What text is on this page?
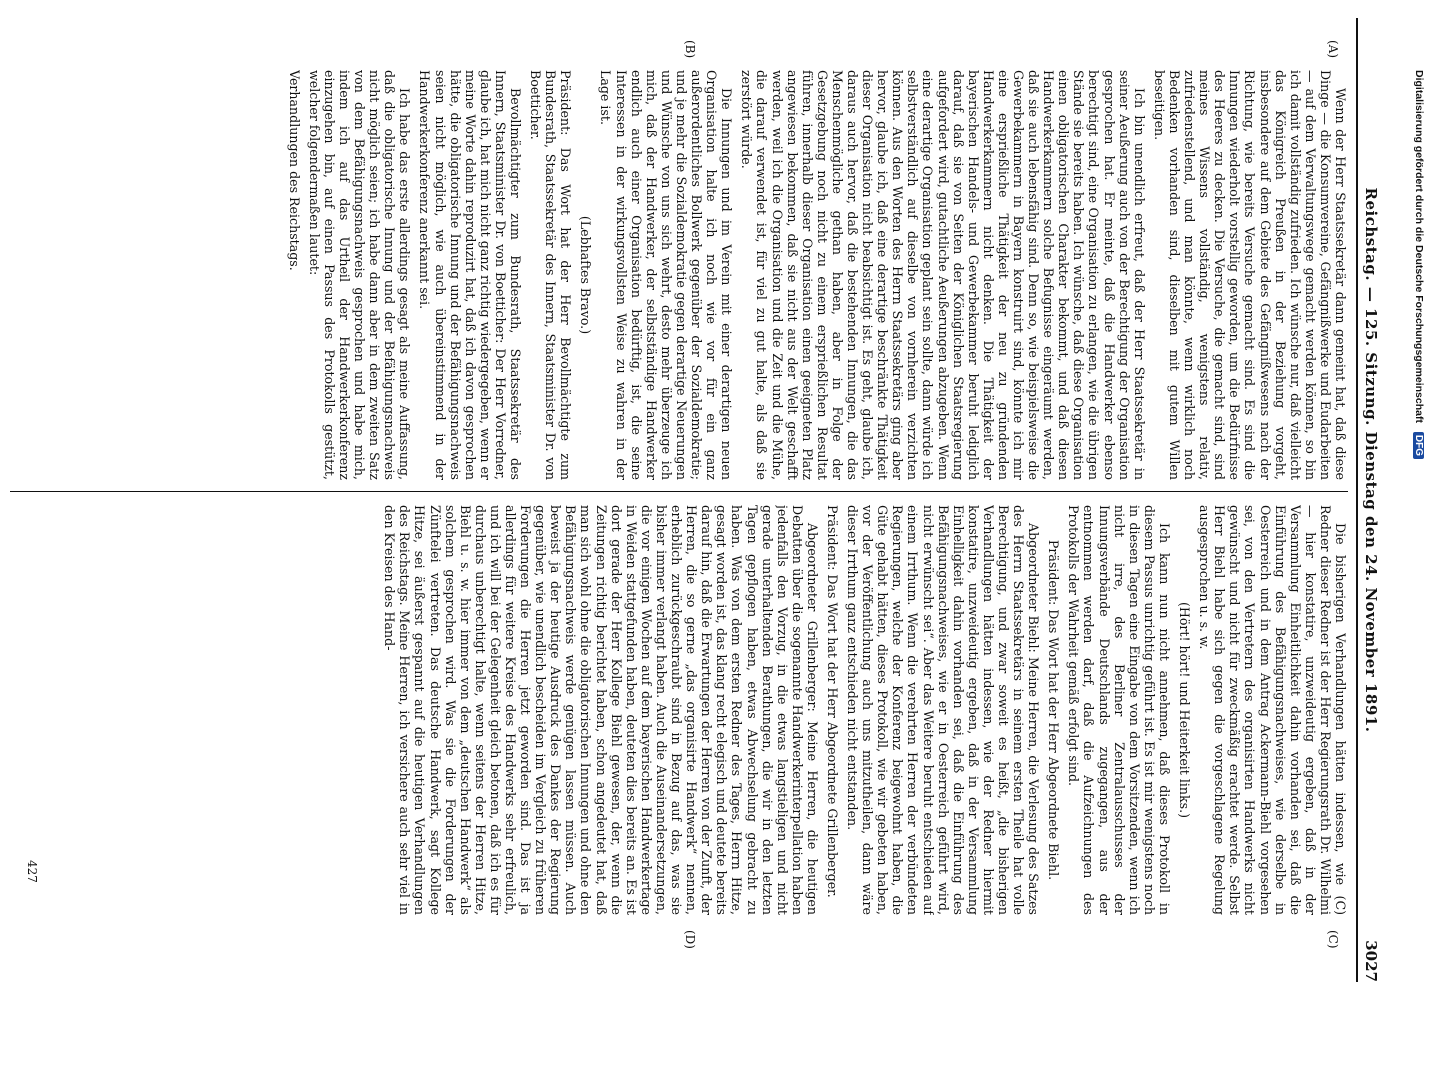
Reichstag. — 125. Sitzung. Dienstag den 24. November 1891.
3027
(A)
(B)
(C)
(D)

Wenn der Herr Staatssekretär dann gemeint hat, daß diese Dinge — die Konsumvereine, Gefängnißwerke und Eudarbeiten — auf dem Verwaltungswege gemacht werden können, so bin ich damit vollständig zufrieden. Ich wünsche nur, daß vielleicht das Königreich Preußen in der Beziehung vorgeht, insbesondere auf dem Gebiete des Gefängnißwesens nach der Richtung, wie bereits Versuche gemacht sind. Es sind die Innungen wiederholt vorstellig geworden, um die Bedürfnisse des Heeres zu decken. Die Versuche, die gemacht sind, sind meines Wissens vollständig, wenigstens relativ, zufriedenstellend, und man könnte, wenn wirklich noch Bedenken vorhanden sind, dieselben mit gutem Willen beseitigen.

Ich bin unendlich erfreut, daß der Herr Staatssekretär in seiner Aeußerung auch von der Berechtigung der Organisation gesprochen hat. Er meinte, daß die Handwerker ebenso berechtigt sind, eine Organisation zu erlangen, wie die übrigen Stände sie bereits haben. Ich wünsche, daß diese Organisation einen obligatorischen Charakter bekommt, und daß diesen Handwerkerkammern solche Befugnisse eingeräumt werden, daß sie auch lebensfähig sind. Denn so, wie beispielsweise die Gewerbekammern in Bayern konstruirt sind, könnte ich mir eine ersprießliche Thätigkeit der neu zu gründenden Handwerkerkammern nicht denken. Die Thätigkeit der bayerischen Handels- und Gewerbekammer beruht lediglich darauf, daß sie von Seiten der Königlichen Staatsregierung aufgefordert wird, gutachtliche Aeußerungen abzugeben. Wenn eine derartige Organisation geplant sein sollte, dann würde ich selbstverständlich auf dieselbe von vornherein verzichten können. Aus den Worten des Herrn Staatssekretärs ging aber hervor, glaube ich, daß eine derartige beschränkte Thätigkeit dieser Organisation nicht beabsichtigt ist. Es geht, glaube ich, daraus auch hervor, daß die bestehenden Innungen, die das Menschenmögliche gethan haben, aber in Folge der Gesetzgebung noch nicht zu einem ersprießlichen Resultat führen, innerhalb dieser Organisation einen geeigneten Platz angewiesen bekommen, daß sie nicht aus der Welt geschafft werden, weil ich die Organisation und die Zeit und die Mühe, die darauf verwendet ist, für viel zu gut halte, als daß sie zerstört würde.

Die Innungen und im Verein mit einer derartigen neuen Organisation halte ich noch wie vor für ein ganz außerordentliches Bollwerk gegenüber der Sozialdemokratie; und je mehr die Sozialdemokratie gegen derartige Neuerungen und Wünsche von uns sich wehrt, desto mehr überzeuge ich mich, daß der Handwerker, der selbstständige Handwerker endlich auch einer Organisation bedürftig, ist, die seine Interessen in der wirkungsvollsten Weise zu wahren in der Lage ist.

(Lebhaftes Bravo.)

Präsident: Das Wort hat der Herr Bevollmächtigte zum Bundesrath, Staatssekretär des Innern, Staatsminister Dr. von Boetticher.

Bevollmächtigter zum Bundesrath, Staatssekretär des Innern, Staatsminister Dr. von Boetticher: Der Herr Vorredner, glaube ich, hat mich nicht ganz richtig wiedergegeben, wenn er meine Worte dahin reproduzirt hat, daß ich davon gesprochen hätte, die obligatorische Innung und der Befähigungsnachweis seien nicht möglich, wie auch übereinstimmend in der Handwerkerkonferenz anerkannt sei.

Ich habe das erste allerdings gesagt als meine Auffassung, daß die obligatorische Innung und der Befähigungsnachweis nicht möglich seien; ich habe dann aber in dem zweiten Satz von dem Befähigungsnachweis gesprochen und habe mich, indem ich auf das Urtheil der Handwerkerkonferenz einzugehen bin, auf einen Passus des Protokolls gestützt, welcher folgendermaßen lautet:

Verhandlungen des Reichstags.

Die bisherigen Verhandlungen hätten indessen, wie (C) Redner dieser Redner ist der Herr Regierungsrath Dr. Wilhelmi — hier konstatire, unzweideutig ergeben, daß in der Versammlung Einheitlichkeit dahin vorhanden sei, daß die Einführung des Befähigungsnachweises, wie derselbe in Oesterreich und in dem Antrag Ackermann-Biehl vorgesehen sei, von den Vertretern des organisirten Handwerks nicht gewünscht und nicht für zweckmäßig erachtet werde. Selbst Herr Biehl habe sich gegen die vorgeschlagene Regelung ausgesprochen u. s. w.

(Hört! hört! und Heiterkeit links.)

Ich kann nun nicht annehmen, daß dieses Protokoll in diesem Passus unrichtig geführt ist. Es ist mir wenigstens noch in diesen Tagen eine Eingabe von dem Vorsitzenden, wenn ich nicht irre, des Berliner Zentralausschusses der Innungsverbände Deutschlands zugegangen, aus der entnommen werden darf, daß die Aufzeichnungen des Protokolls der Wahrheit gemäß erfolgt sind.

Präsident: Das Wort hat der Herr Abgeordnete Biehl.

Abgeordneter Biehl: Meine Herren, die Verlesung des Satzes des Herrn Staatssekretärs in seinem ersten Theile hat volle Berechtigung, und zwar soweit es heißt, „die bisherigen Verhandlungen hätten indessen, wie der Redner hiermit konstatire, unzweideutig ergeben, daß in der Versammlung Einhelligkeit dahin vorhanden sei, daß die Einführung des Befähigungsnachweises, wie er in Oesterreich geführt wird, nicht erwünscht sei“. Aber das Weitere beruht entschieden auf einem Irrthum. Wenn die verehrten Herren der verbündeten Regierungen, welche der Konferenz beigewohnt haben, die Güte gehabt hätten, dieses Protokoll, wie wir gebeten haben, vor der Veröffentlichung auch uns mitzutheilen, dann wäre dieser Irrthum ganz entschieden nicht entstanden.

Präsident: Das Wort hat der Herr Abgeordnete Grillenberger.

Abgeordneter Grillenberger: Meine Herren, die heutigen Debatten über die sogenannte Handwerkerinterpellation haben jedenfalls den Vorzug, in die etwas langstieligen und nicht gerade unterhaltenden Berathungen, die wir in den letzten Tagen gepflogen haben, etwas Abwechselung gebracht zu haben. Was von dem ersten Redner des Tages, Herrn Hitze, gesagt worden ist, das klang recht elegisch und deutete bereits darauf hin, daß die Erwartungen der Herren von der Zunft, der Herren, die so gerne „das organisirte Handwerk“ nennen, erheblich zurückgeschraubt sind in Bezug auf das, was sie bisher immer verlangt haben. Auch die Auseinandersetzungen, die vor einigen Wochen auf dem bayerischen Handwerkertage in Weiden stattgefunden haben, deuteten dies bereits an. Es ist dort gerade der Herr Kollege Biehl gewesen, der, wenn die Zeitungen richtig berichtet haben, schon angedeutet hat, daß man sich wohl ohne die obligatorischen Innungen und ohne den Befähigungsnachweis werde genügen lassen müssen. Auch beweist ja der heutige Ausdruck des Dankes der Regierung gegenüber, wie unendlich bescheiden im Vergleich zu früheren Forderungen die Herren jetzt geworden sind. Das ist ja allerdings für weitere Kreise des Handwerks sehr erfreulich, und ich will bei der Gelegenheit gleich betonen, daß ich es für durchaus unberechtigt halte, wenn seitens der Herren Hitze, Biehl u. s. w. hier immer von dem „deutschen Handwerk“ als solchem gesprochen wird. Was sie die Forderungen der Zünftelei vertreten. Das deutsche Handwerk, sagt Kollege Hitze, sei äußerst gespannt auf die heutigen Verhandlungen des Reichstags. Meine Herren, ich versichere auch sehr viel in den Kreisen des Hand-

427
Digitalisierung gefördert durch die Deutsche Forschungsgemeinschaft DFG
